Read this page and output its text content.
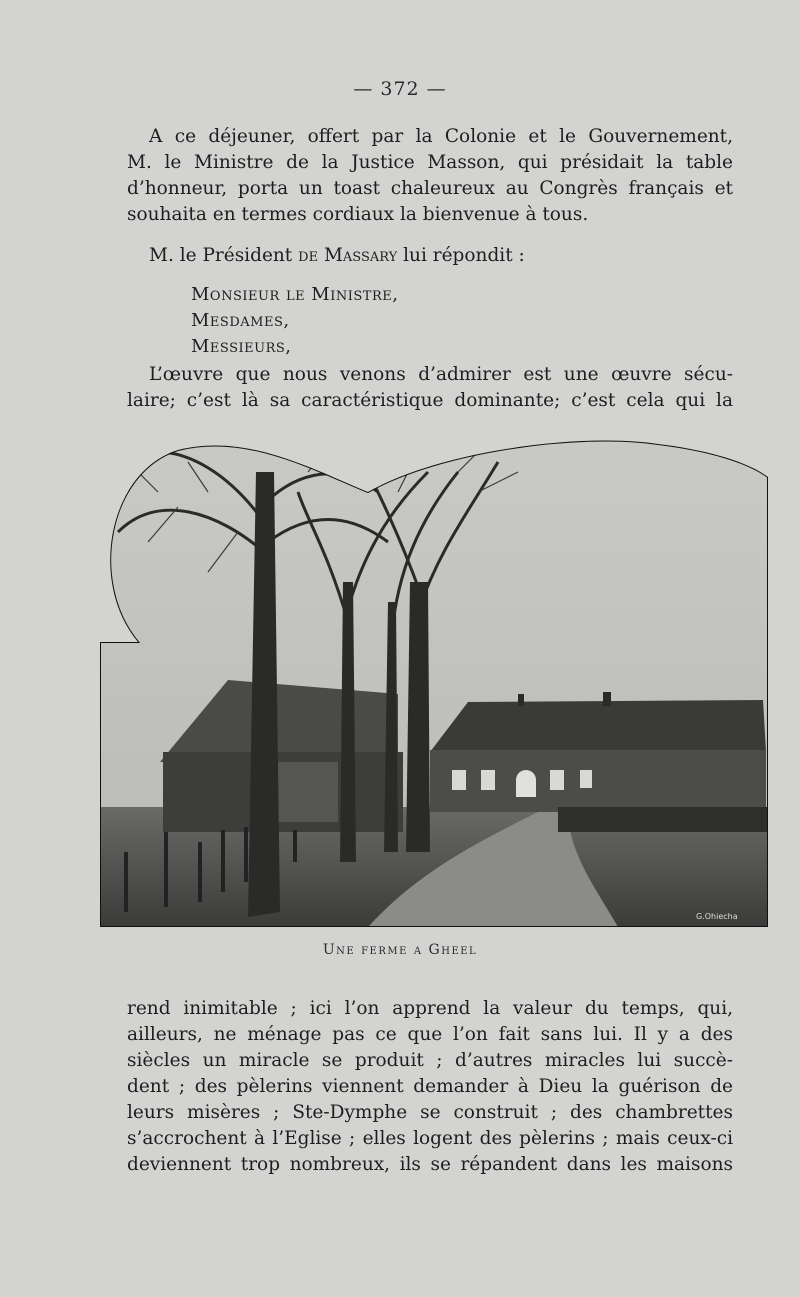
— 372 —

A ce déjeuner, offert par la Colonie et le Gouvernement,
M. le Ministre de la Justice Masson, qui présidait la table
d’honneur, porta un toast chaleureux au Congrès français et
souhaita en termes cordiaux la bienvenue à tous.

M. le Président de Massary lui répondit :

Monsieur le Ministre,
Mesdames,
Messieurs,

L’œuvre que nous venons d’admirer est une œuvre sécu-
laire; c’est là sa caractéristique dominante; c’est cela qui la

G.Ohiecha
Une ferme a Gheel

rend inimitable ; ici l’on apprend la valeur du temps, qui,
ailleurs, ne ménage pas ce que l’on fait sans lui. Il y a des
siècles un miracle se produit ; d’autres miracles lui succè-
dent ; des pèlerins viennent demander à Dieu la guérison de
leurs misères ; Ste-Dymphe se construit ; des chambrettes
s’accrochent à l’Eglise ; elles logent des pèlerins ; mais ceux-ci
deviennent trop nombreux, ils se répandent dans les maisons
